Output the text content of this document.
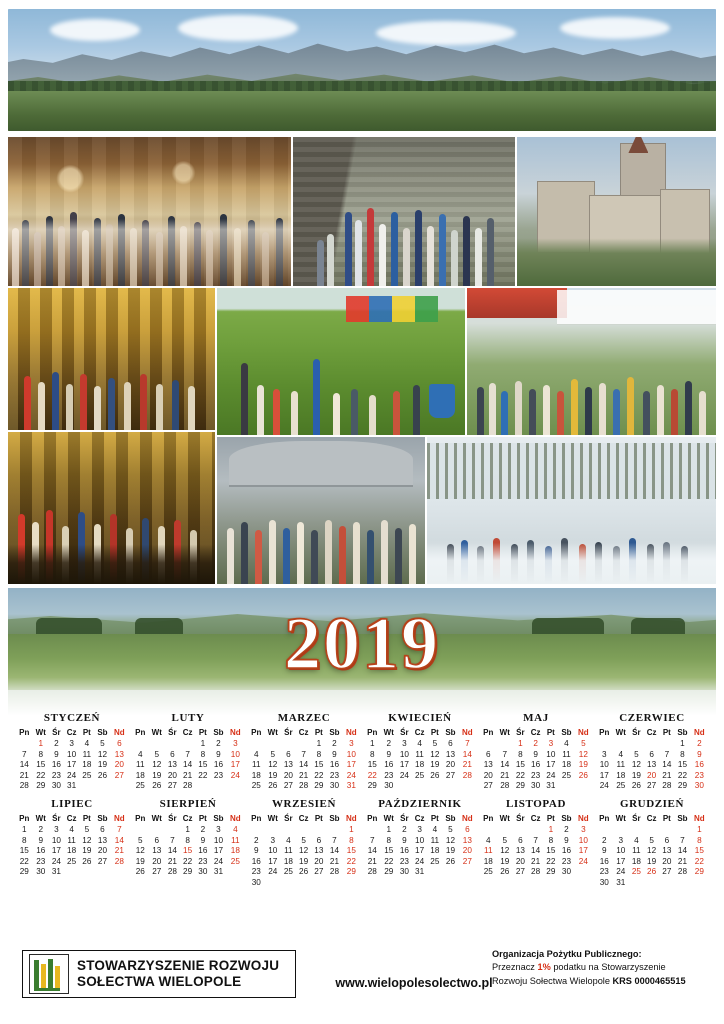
2019
STYCZEŃ
Pn	Wt	Śr	Cz	Pt	Sb	Nd
	1	2	3	4	5	6
7	8	9	10	11	12	13
14	15	16	17	18	19	20
21	22	23	24	25	26	27
28	29	30	31			
LUTY
Pn	Wt	Śr	Cz	Pt	Sb	Nd
				1	2	3
4	5	6	7	8	9	10
11	12	13	14	15	16	17
18	19	20	21	22	23	24
25	26	27	28			
MARZEC
Pn	Wt	Śr	Cz	Pt	Sb	Nd
				1	2	3
4	5	6	7	8	9	10
11	12	13	14	15	16	17
18	19	20	21	22	23	24
25	26	27	28	29	30	31
KWIECIEŃ
Pn	Wt	Śr	Cz	Pt	Sb	Nd
1	2	3	4	5	6	7
8	9	10	11	12	13	14
15	16	17	18	19	20	21
22	23	24	25	26	27	28
29	30					
MAJ
Pn	Wt	Śr	Cz	Pt	Sb	Nd
		1	2	3	4	5
6	7	8	9	10	11	12
13	14	15	16	17	18	19
20	21	22	23	24	25	26
27	28	29	30	31		
CZERWIEC
Pn	Wt	Śr	Cz	Pt	Sb	Nd
					1	2
3	4	5	6	7	8	9
10	11	12	13	14	15	16
17	18	19	20	21	22	23
24	25	26	27	28	29	30
LIPIEC
Pn	Wt	Śr	Cz	Pt	Sb	Nd
1	2	3	4	5	6	7
8	9	10	11	12	13	14
15	16	17	18	19	20	21
22	23	24	25	26	27	28
29	30	31				
SIERPIEŃ
Pn	Wt	Śr	Cz	Pt	Sb	Nd
			1	2	3	4
5	6	7	8	9	10	11
12	13	14	15	16	17	18
19	20	21	22	23	24	25
26	27	28	29	30	31	
WRZESIEŃ
Pn	Wt	Śr	Cz	Pt	Sb	Nd
						1
2	3	4	5	6	7	8
9	10	11	12	13	14	15
16	17	18	19	20	21	22
23	24	25	26	27	28	29
30						
PAŹDZIERNIK
Pn	Wt	Śr	Cz	Pt	Sb	Nd
	1	2	3	4	5	6
7	8	9	10	11	12	13
14	15	16	17	18	19	20
21	22	23	24	25	26	27
28	29	30	31			
LISTOPAD
Pn	Wt	Śr	Cz	Pt	Sb	Nd
				1	2	3
4	5	6	7	8	9	10
11	12	13	14	15	16	17
18	19	20	21	22	23	24
25	26	27	28	29	30	
GRUDZIEŃ
Pn	Wt	Śr	Cz	Pt	Sb	Nd
						1
2	3	4	5	6	7	8
9	10	11	12	13	14	15
16	17	18	19	20	21	22
23	24	25	26	27	28	29
30	31					
STOWARZYSZENIE ROZWOJU
SOŁECTWA WIELOPOLE	www.wielopolesolectwo.pl
Organizacja Pożytku Publicznego:
Przeznacz 1% podatku na Stowarzyszenie
Rozwoju Sołectwa Wielopole KRS 0000465515
